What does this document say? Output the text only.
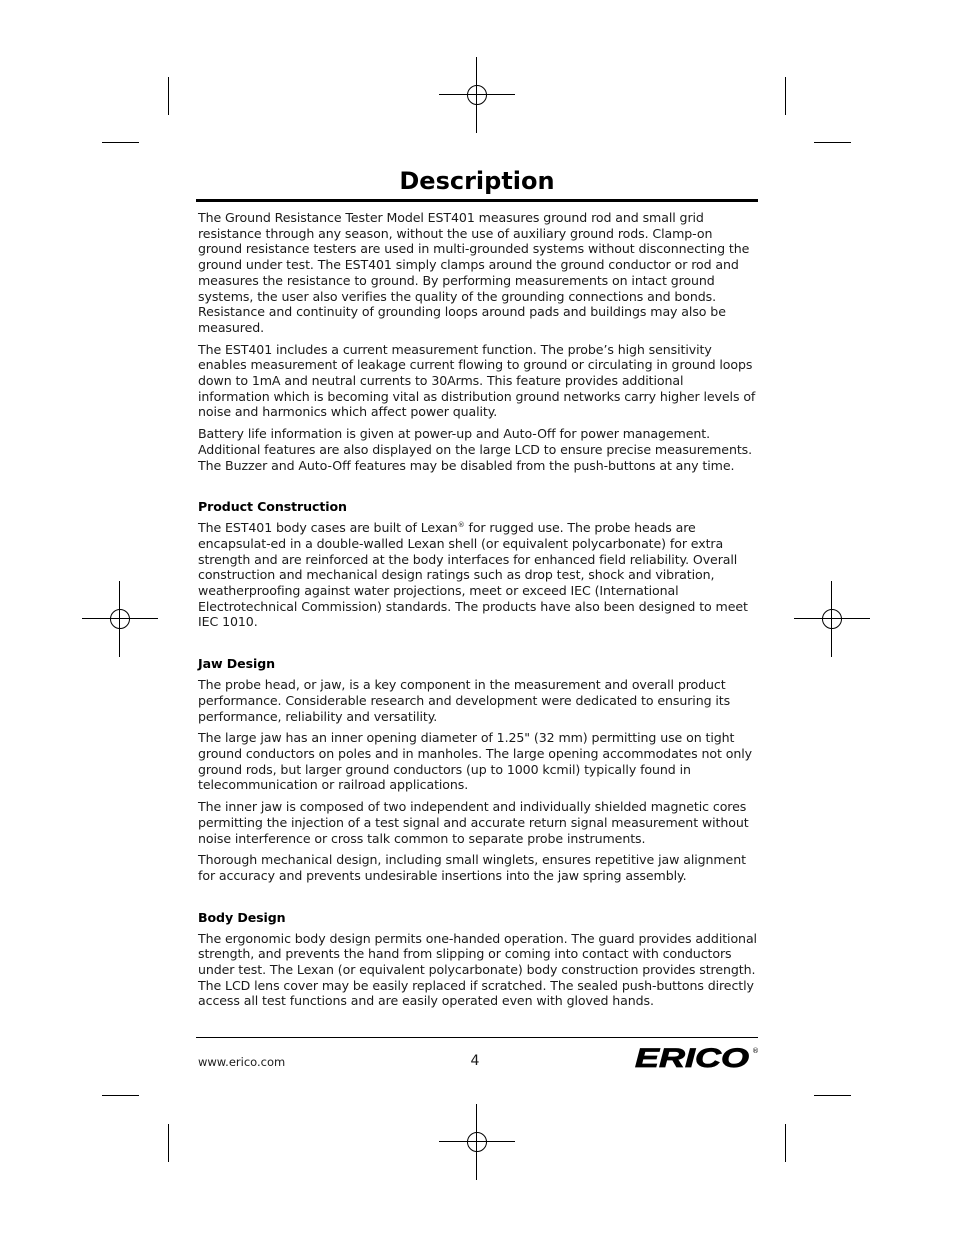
Description

The Ground Resistance Tester Model EST401 measures ground rod and small grid resistance through any season, without the use of auxiliary ground rods. Clamp-on ground resistance testers are used in multi-grounded systems without disconnecting the ground under test. The EST401 simply clamps around the ground conductor or rod and measures the resistance to ground. By performing measurements on intact ground systems, the user also verifies the quality of the grounding connections and bonds. Resistance and continuity of grounding loops around pads and buildings may also be measured.

The EST401 includes a current measurement function. The probe’s high sensitivity enables measurement of leakage current flowing to ground or circulating in ground loops down to 1mA and neutral currents to 30Arms. This feature provides additional information which is becoming vital as distribution ground networks carry higher levels of noise and harmonics which affect power quality.

Battery life information is given at power-up and Auto-Off for power management. Additional features are also displayed on the large LCD to ensure precise measurements. The Buzzer and Auto-Off features may be disabled from the push-buttons at any time.

Product Construction

The EST401 body cases are built of Lexan® for rugged use. The probe heads are encapsulat-ed in a double-walled Lexan shell (or equivalent polycarbonate) for extra strength and are reinforced at the body interfaces for enhanced field reliability. Overall construction and mechanical design ratings such as drop test, shock and vibration, weatherproofing against water projections, meet or exceed IEC (International Electrotechnical Commission) standards. The products have also been designed to meet IEC 1010.

Jaw Design

The probe head, or jaw, is a key component in the measurement and overall product performance. Considerable research and development were dedicated to ensuring its performance, reliability and versatility.

The large jaw has an inner opening diameter of 1.25" (32 mm) permitting use on tight ground conductors on poles and in manholes. The large opening accommodates not only ground rods, but larger ground conductors (up to 1000 kcmil) typically found in telecommunication or railroad applications.

The inner jaw is composed of two independent and individually shielded magnetic cores permitting the injection of a test signal and accurate return signal measurement without noise interference or cross talk common to separate probe instruments.

Thorough mechanical design, including small winglets, ensures repetitive jaw alignment for accuracy and prevents undesirable insertions into the jaw spring assembly.

Body Design

The ergonomic body design permits one-handed operation. The guard provides additional strength, and prevents the hand from slipping or coming into contact with conductors under test. The Lexan (or equivalent polycarbonate) body construction provides strength. The LCD lens cover may be easily replaced if scratched. The sealed push-buttons directly access all test functions and are easily operated even with gloved hands.

www.erico.com	4	ERICO ®
